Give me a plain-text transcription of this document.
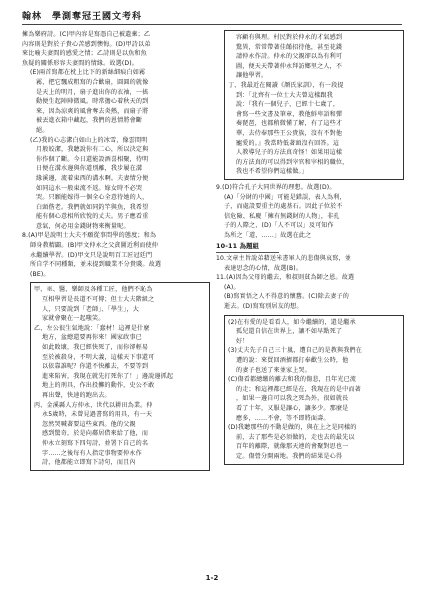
翰林 學測奪冠王國文考科

擁為樂府詩。(C)甲內容是寫憑自己被遺棄；乙

內容則是對於子貴心苦感到懊悔。(D)甲詩以弟

來比喻夫妻間的感愛之情；乙詩則是以魚和魚

魚疑的關係形容夫妻間的情緣。故選(D)。

(E)兩首寫都在枕上比下的新絲細痕白如霧

霧，把它飄成粗寫的合歡扇，圓圓的就像

是天上的明月，扇子進出你的衣袖，一搖

動便生起陣陣微風。時常擔心着秋天的到

來，因為涼爽的風會奪去炎熱，而扇子將

被丟進衣箱中藏起，我們的恩情將會斷

絕。

(乙)我的心志潔白如山上的冰雪，像雲間明

月般皎潔，我聽說你有二心，所以決定與

你作個了斷。今日還能設酒喜相聚，待明

日便在溝水邊與你道別離，我步履在溝

緣溪邊，流着東西的溝水啊。夫妻情分便

如同這水一般東流不返。嫁女時不必哭

哭。只願能嫁得一個全心全意待她的人，

白頭偕老。我們就如同釣竿與魚，我希望

能有個心意相所欣悅的丈夫。男子應看重

意氣，何必用金錢財物來衡量呢。

8.(A)甲是說明士大夫不願從事問學的態度；和為

師身教精闢。(B)甲文仲永之父貪圖近利而使仲

永繼續學習。(D)甲文只是說明百工匠冠廷門

所自学不同種類，並未提到職業不分貴賤。故選

(BE)。

甲、巫、醫、樂師及各種工匠，他們不恥為

互相學習是長道不可傳；但士大夫階級之

人，只要說到「老師」、「學生」，大

家就會聚在一起嗤笑。

乙、左公很生氣地說：「蠢材！這裡是什麼

地方，盆總還要再你來！國家政事已

如此敗壞，我已經快死了，而你卻輕易

至於被殺身，不明大義，這樣天下事還可

以依靠誰呢？你還不快離去，不要等到

進來陷害，我現在就先打死你了！」邊說邊抓起

地上的刑具，作出投擲的動作，史公不敢

再出聲，快速的跑出去。

丙、金溪縣人方仲永，世代以耕田為業。仲

永5歲時，未曾見過書寫的用具，有一天

忽然哭喊著要這些東西。他的父親

感到驚奇，於是向鄰居借來給了他，而

仲永立刻寫下四句詩，並署下自己的名

字……之後每有人指定事物要仲永作

詩，他都能立即寫下詩句，而且內

容顧有與理。村民對於仲永的才氣感到

驚異，常常帶著佳餚招待他，甚至花錢

請仲永作詩。仲永的父親卻以為有利可

圖，便天天帶著仲永拜訪鄉里之人，不

讓他學習。

丁、我最近在閱讀《顏氏家訓》，有一段提

到：「北齊有一位士大夫曾這樣跟我

說：『我有一個兒子，已經十七歲了，

會寫一些文書及筆章，教他鮮卑語和彈

奏琵琶，也都稍微懂了解，有了這些才

華，去侍奉那些王公貴族，沒有不對他

寵愛的。』我當時低著頭沒有回答。這

人教導兒子的方法真奇怪！如果用這樣

的方法真的可以得到宰官和宰相的職位，

我也不希望你們這樣做。」

9.(D)符合孔子大同世界的理想。故選(D)。

(A)「分財的中國」可能是錯誤，表人為利，

子，而處設要重主的處基石。因此子位於不

信危險、私慶「擁有無錢財的人物」，非孔

子的人際之，(D)「人不可以」及可知作

為所之「道，……」故選在此之

10-11 為題組

10.文章主旨說弟藉送米書軍人的悲傷與哀寫，並

表達思念的心情，故選(B)。

11.(A)因為父母的繼去，和叔則貧為師之恩。故選

(A)。

(B)寫實悟之人不得意的懷舊。(C)除去妻子的

逝去。(D)寫寫別居友的想。

(2)在有愛的是看看人，如今繼續的，還是繼承

孤兒還自信在世界上，讓不如早點死了

好！

(3)丈夫先子自己三十嵐，遭自己的是教與我們在

遭的說：來買回酒擠都打奉歡生公時，他

的妻子也送了來並家上哭。

(C)傷看都總繳的離去和我的傷悲，且年光已流

的走；和這裡都已經是在，我現在的是中而著

，如果一邊自可以我之死為外，很如就長

看了十年，又服是讓心，讓多少。那麼是

應多，……不會，等不即將面壽。

(D)我聽那些的不動是做的，與在上之是同樣的

前，去了那些是必須做的，走也去的最先以

百年的離際，就像那天連的會聚對思也一

定。傷營分開兩地。我們的結果是心得

1-2
